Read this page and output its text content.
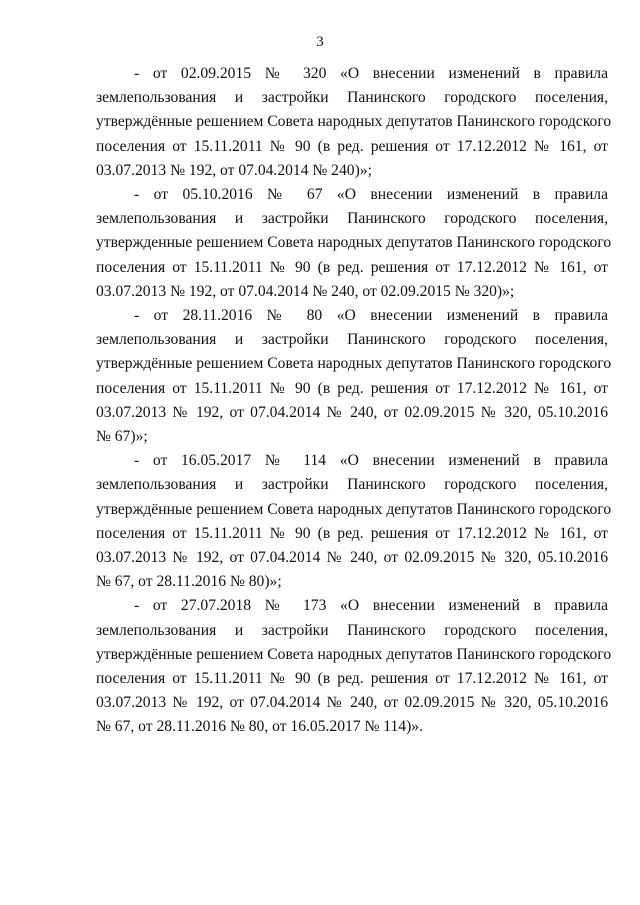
3
- от 02.09.2015 № 320 «О внесении изменений в правила
землепользования и застройки Панинского городского поселения,
утверждённые решением Совета народных депутатов Панинского городского
поселения от 15.11.2011 № 90 (в ред. решения от 17.12.2012 № 161, от
03.07.2013 № 192, от 07.04.2014 № 240)»;
- от 05.10.2016 № 67 «О внесении изменений в правила
землепользования и застройки Панинского городского поселения,
утвержденные решением Совета народных депутатов Панинского городского
поселения от 15.11.2011 № 90 (в ред. решения от 17.12.2012 № 161, от
03.07.2013 № 192, от 07.04.2014 № 240, от 02.09.2015 № 320)»;
- от 28.11.2016 № 80 «О внесении изменений в правила
землепользования и застройки Панинского городского поселения,
утверждённые решением Совета народных депутатов Панинского городского
поселения от 15.11.2011 № 90 (в ред. решения от 17.12.2012 № 161, от
03.07.2013 № 192, от 07.04.2014 № 240, от 02.09.2015 № 320, 05.10.2016
№ 67)»;
- от 16.05.2017 № 114 «О внесении изменений в правила
землепользования и застройки Панинского городского поселения,
утверждённые решением Совета народных депутатов Панинского городского
поселения от 15.11.2011 № 90 (в ред. решения от 17.12.2012 № 161, от
03.07.2013 № 192, от 07.04.2014 № 240, от 02.09.2015 № 320, 05.10.2016
№ 67, от 28.11.2016 № 80)»;
- от 27.07.2018 № 173 «О внесении изменений в правила
землепользования и застройки Панинского городского поселения,
утверждённые решением Совета народных депутатов Панинского городского
поселения от 15.11.2011 № 90 (в ред. решения от 17.12.2012 № 161, от
03.07.2013 № 192, от 07.04.2014 № 240, от 02.09.2015 № 320, 05.10.2016
№ 67, от 28.11.2016 № 80, от 16.05.2017 № 114)».
